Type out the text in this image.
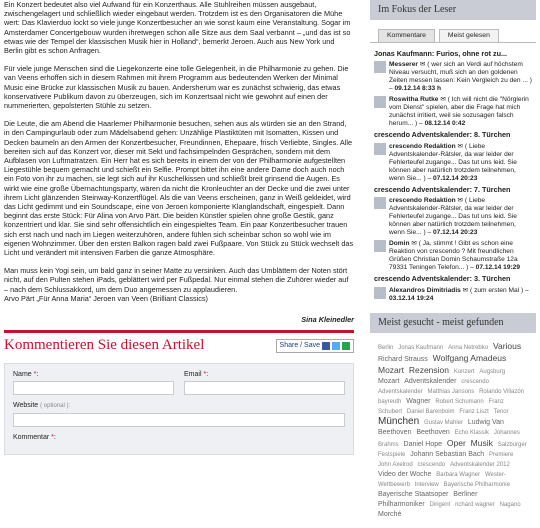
Ein Konzert bedeutet also viel Aufwand für ein Konzerthaus. Alle Stuhlreihen müssen ausgebaut, zwischengelagert und schließlich wieder eingebaut werden. Trotzdem ist es den Organisatoren die Mühe wert: Das Klavierduo lockt so viele junge Konzertbesucher an wie sonst kaum eine Veranstaltung. Sogar im Amsterdamer Concertgebouw wurden ihretwegen schon alle Sitze aus dem Saal verbannt – „und das ist so etwas wie der Tempel der klassischen Musik hier in Holland“, bemerkt Jeroen. Auch aus New York und Berlin gibt es schon Anfragen.

Für viele junge Menschen sind die Liegekonzerte eine tolle Gelegenheit, in die Philharmonie zu gehen. Die van Veens erhoffen sich in diesem Rahmen mit ihrem Programm aus bedeutenden Werken der Minimal Music eine Brücke zur klassischen Musik zu bauen. Andersherum war es zunächst schwierig, das etwas konservativere Publikum davon zu überzeugen, sich im Konzertsaal nicht wie gewohnt auf einen der nummerierten, gepolsterten Stühle zu setzen.

Die Leute, die am Abend die Haarlemer Philharmonie besuchen, sehen aus als würden sie an den Strand, in den Campingurlaub oder zum Mädelsabend gehen: Unzählige Plastiktüten mit Isomatten, Kissen und Decken baumeln an den Armen der Konzertbesucher, Freundinnen, Ehepaare, frisch Verliebte, Singles. Alle bereiten sich auf das Konzert vor, dieser mit Sekt und fachsimpelnden Gesprächen, sondern mit dem Aufblasen von Luftmatratzen. Ein Herr hat es sich bereits in einem der von der Philharmonie aufgestellten Liegestühle bequem gemacht und schießt ein Selfie. Prompt bittet ihn eine andere Dame doch auch noch ein Foto von ihr zu machen, sie legt sich auf ihr Kuschelkissen und schließt breit grinsend die Augen. Es wirkt wie eine große Übernachtungsparty, wären da nicht die Kronleuchter an der Decke und die zwei unter ihrem Licht glänzenden Steinway-Konzertflügel. Als die van Veens erscheinen, ganz in Weiß gekleidet, wird das Licht gedimmt und ein Soundscape, eine von Jeroen komponierte Klanglandschaft, eingespielt. Dann beginnt das erste Stück: Für Alina von Arvo Pärt. Die beiden Künstler spielen ohne große Gestik, ganz konzentriert und klar. Sie sind sehr offensichtlich ein eingespieltes Team. Ein paar Konzertbesucher trauen sich erst nach und nach im Liegen weiterzuhören, andere fühlen sich scheinbar schon so wohl wie im eigenen Wohnzimmer. Über den ersten Balkon ragen bald zwei Fußpaare. Von Stück zu Stück wechselt das Licht und verändert mit intensiven Farben die ganze Atmosphäre.

Man muss kein Yogi sein, um bald ganz in seiner Matte zu versinken. Auch das Umblättern der Noten stört nicht, auf den Pulten stehen iPads, geblättert wird per Fußpedal. Nur einmal stehen die Zuhörer wieder auf – nach dem Schlussakkord, um dem Duo angemessen zu applaudieren.

Arvo Pärt „Für Anna Maria“ Jeroen van Veen (Brilliant Classics)
Sina Kleinedler
Kommentieren Sie diesen Artikel	Share / Save
Name *:	Email *:
Website ( optional ):
Kommentar *:
Im Fokus der Leser
Kommentare	Meist gelesen
Jonas Kaufmann: Furios, ohne rot zu...
Messerer ✉ ( wer sich an Verdi auf höchstem Niveau versucht, muß sich an den goldenen Zeiten messen lassen: Kein Vergleich zu den ... ) – 09.12.14 8:33 h
Roswitha Rutke ✉ ( Ich will nicht die "Nörglerin vom Dienst" spielen, aber die Frage hat mich zunächst irritiert, weil sie sozusagen falsch herum... ) – 08.12.14 0:42
crescendo Adventskalender: 8. Türchen
crescendo Redaktion ✉ ( Liebe Adventskalender-Rätsler, da war leider der Fehlerteufel zugange... Das tut uns leid. Sie können aber natürlich trotzdem teilnehmen, wenn Sie... ) – 07.12.14 20:23
crescendo Adventskalender: 7. Türchen
crescendo Redaktion ✉ ( Liebe Adventskalender-Rätsler, da war leider der Fehlerteufel zugange... Das tut uns leid. Sie können aber natürlich trotzdem teilnehmen, wenn Sie... ) – 07.12.14 20:23
Domin ✉ ( Ja, stimmt ! Gibt es schon eine Reaktion von crescendo ? Mit freundlichen Grüßen Christian Domin Schaumstraße 12a 79331 Teningen Telefon... ) – 07.12.14 19:29
crescendo Adventskalender: 3. Türchen
Alexandros Dimitriadis ✉ ( zum ersten Mal ) – 03.12.14 19:24
Meist gesucht - meist gefunden
Berlin Jonas Kaufmann Anna Netrebko Various Richard Strauss Wolfgang Amadeus Mozart Rezension Konzert Augsburg Mozart Adventskalender crescendo Adventskalender Matthias Jansons Rolando Villazón bayreuth Wagner Robert Schumann Franz Schubert Daniel Barenboim Franz Liszt Tenor München Gustav Mahler Ludwig Van Beethoven Beethoven Echo Klassik Johannes Brahms Daniel Hope Oper Musik Salzburger Festspiele Johann Sebastian Bach Premiere John Axelrod crescendo Adventskalender 2012 Video der Woche Barbara Wagner Wester-Wettbewerb Interview Bayerische Philharmonie Bayerische Staatsoper Berliner Philharmoniker Dirigent richard wagner Nagano Morché
